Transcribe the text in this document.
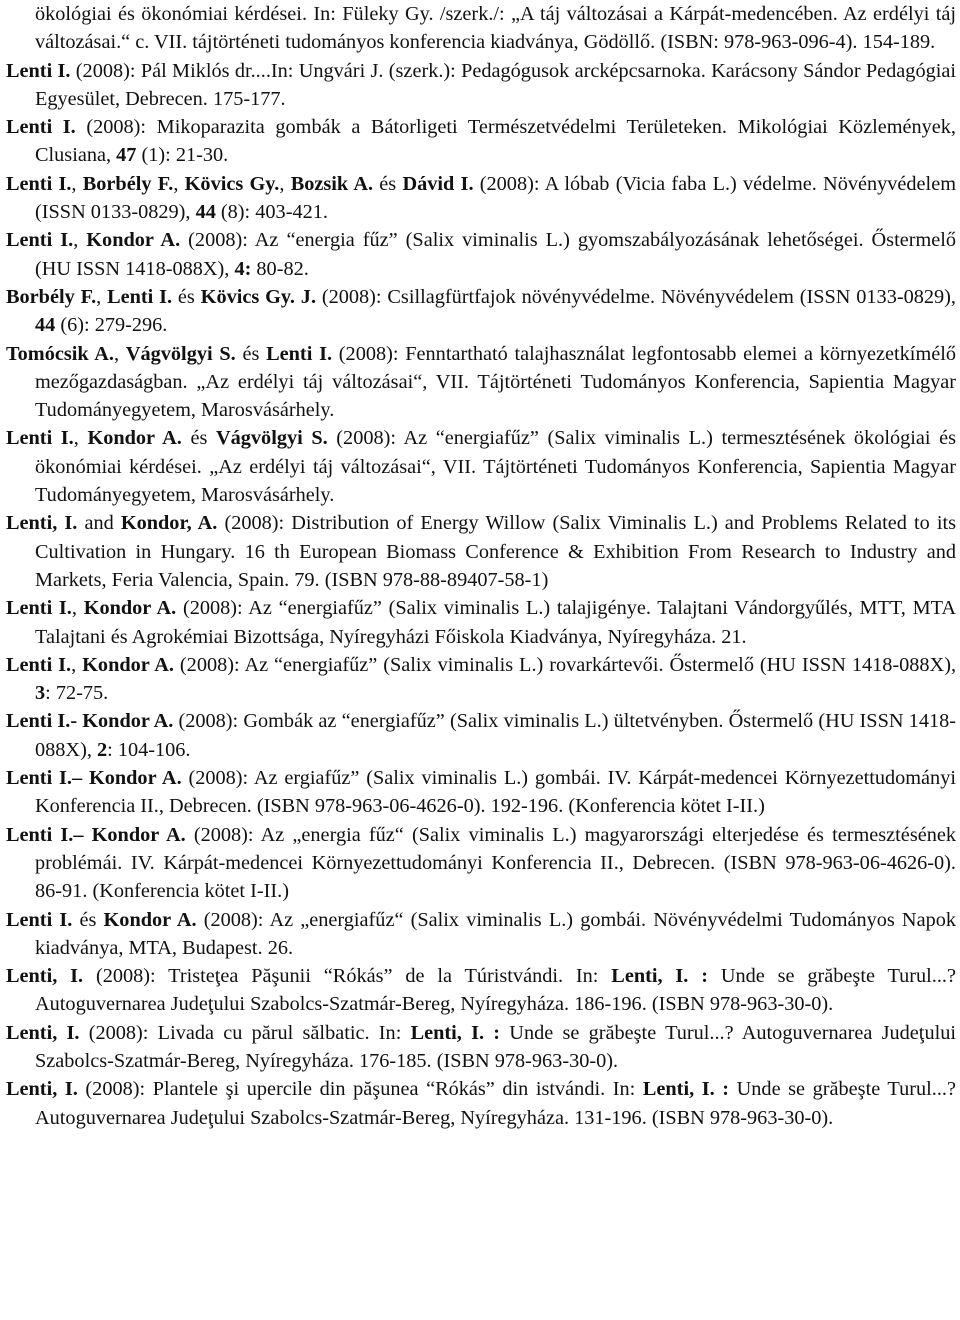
ökológiai és ökonómiai kérdései. In: Füleky Gy. /szerk./: „A táj változásai a Kárpát-medencében. Az erdélyi táj változásai.“ c. VII. tájtörténeti tudományos konferencia kiadványa, Gödöllő. (ISBN: 978-963-096-4). 154-189.

Lenti I. (2008): Pál Miklós dr....In: Ungvári J. (szerk.): Pedagógusok arcképcsarnoka. Karácsony Sándor Pedagógiai Egyesület, Debrecen. 175-177.

Lenti I. (2008): Mikoparazita gombák a Bátorligeti Természetvédelmi Területeken. Mikológiai Közlemények, Clusiana, 47 (1): 21-30.

Lenti I., Borbély F., Kövics Gy., Bozsik A. és Dávid I. (2008): A lóbab (Vicia faba L.) védelme. Növényvédelem (ISSN 0133-0829), 44 (8): 403-421.

Lenti I., Kondor A. (2008): Az “energia fűz” (Salix viminalis L.) gyomszabályozásának lehetőségei. Őstermelő (HU ISSN 1418-088X), 4: 80-82.

Borbély F., Lenti I. és Kövics Gy. J. (2008): Csillagfürtfajok növényvédelme. Növényvédelem (ISSN 0133-0829), 44 (6): 279-296.

Tomócsik A., Vágvölgyi S. és Lenti I. (2008): Fenntartható talajhasználat legfontosabb elemei a környezetkímélő mezőgazdaságban. „Az erdélyi táj változásai“, VII. Tájtörténeti Tudományos Konferencia, Sapientia Magyar Tudományegyetem, Marosvásárhely.

Lenti I., Kondor A. és Vágvölgyi S. (2008): Az “energiafűz” (Salix viminalis L.) termesztésének ökológiai és ökonómiai kérdései. „Az erdélyi táj változásai“, VII. Tájtörténeti Tudományos Konferencia, Sapientia Magyar Tudományegyetem, Marosvásárhely.

Lenti, I. and Kondor, A. (2008): Distribution of Energy Willow (Salix Viminalis L.) and Problems Related to its Cultivation in Hungary. 16 th European Biomass Conference & Exhibition From Research to Industry and Markets, Feria Valencia, Spain. 79. (ISBN 978-88-89407-58-1)

Lenti I., Kondor A. (2008): Az “energiafűz” (Salix viminalis L.) talajigénye. Talajtani Vándorgyűlés, MTT, MTA Talajtani és Agrokémiai Bizottsága, Nyíregyházi Főiskola Kiadványa, Nyíregyháza. 21.

Lenti I., Kondor A. (2008): Az “energiafűz” (Salix viminalis L.) rovarkártevői. Őstermelő (HU ISSN 1418-088X), 3: 72-75.

Lenti I.- Kondor A. (2008): Gombák az “energiafűz” (Salix viminalis L.) ültetvényben. Őstermelő (HU ISSN 1418-088X), 2: 104-106.

Lenti I.– Kondor A. (2008): Az ergiafűz” (Salix viminalis L.) gombái. IV. Kárpát-medencei Környezettudományi Konferencia II., Debrecen. (ISBN 978-963-06-4626-0). 192-196. (Konferencia kötet I-II.)

Lenti I.– Kondor A. (2008): Az „energia fűz“ (Salix viminalis L.) magyarországi elterjedése és termesztésének problémái. IV. Kárpát-medencei Környezettudományi Konferencia II., Debrecen. (ISBN 978-963-06-4626-0). 86-91. (Konferencia kötet I-II.)

Lenti I. és Kondor A. (2008): Az „energiafűz“ (Salix viminalis L.) gombái. Növényvédelmi Tudományos Napok kiadványa, MTA, Budapest. 26.

Lenti, I. (2008): Tristeţea Păşunii “Rókás” de la Túristvándi. In: Lenti, I. : Unde se grăbeşte Turul...? Autoguvernarea Judeţului Szabolcs-Szatmár-Bereg, Nyíregyháza. 186-196. (ISBN 978-963-30-0).

Lenti, I. (2008): Livada cu părul sălbatic. In: Lenti, I. : Unde se grăbeşte Turul...? Autoguvernarea Judeţului Szabolcs-Szatmár-Bereg, Nyíregyháza. 176-185. (ISBN 978-963-30-0).

Lenti, I. (2008): Plantele şi upercile din păşunea “Rókás” din istvándi. In: Lenti, I. : Unde se grăbeşte Turul...? Autoguvernarea Judeţului Szabolcs-Szatmár-Bereg, Nyíregyháza. 131-196. (ISBN 978-963-30-0).
